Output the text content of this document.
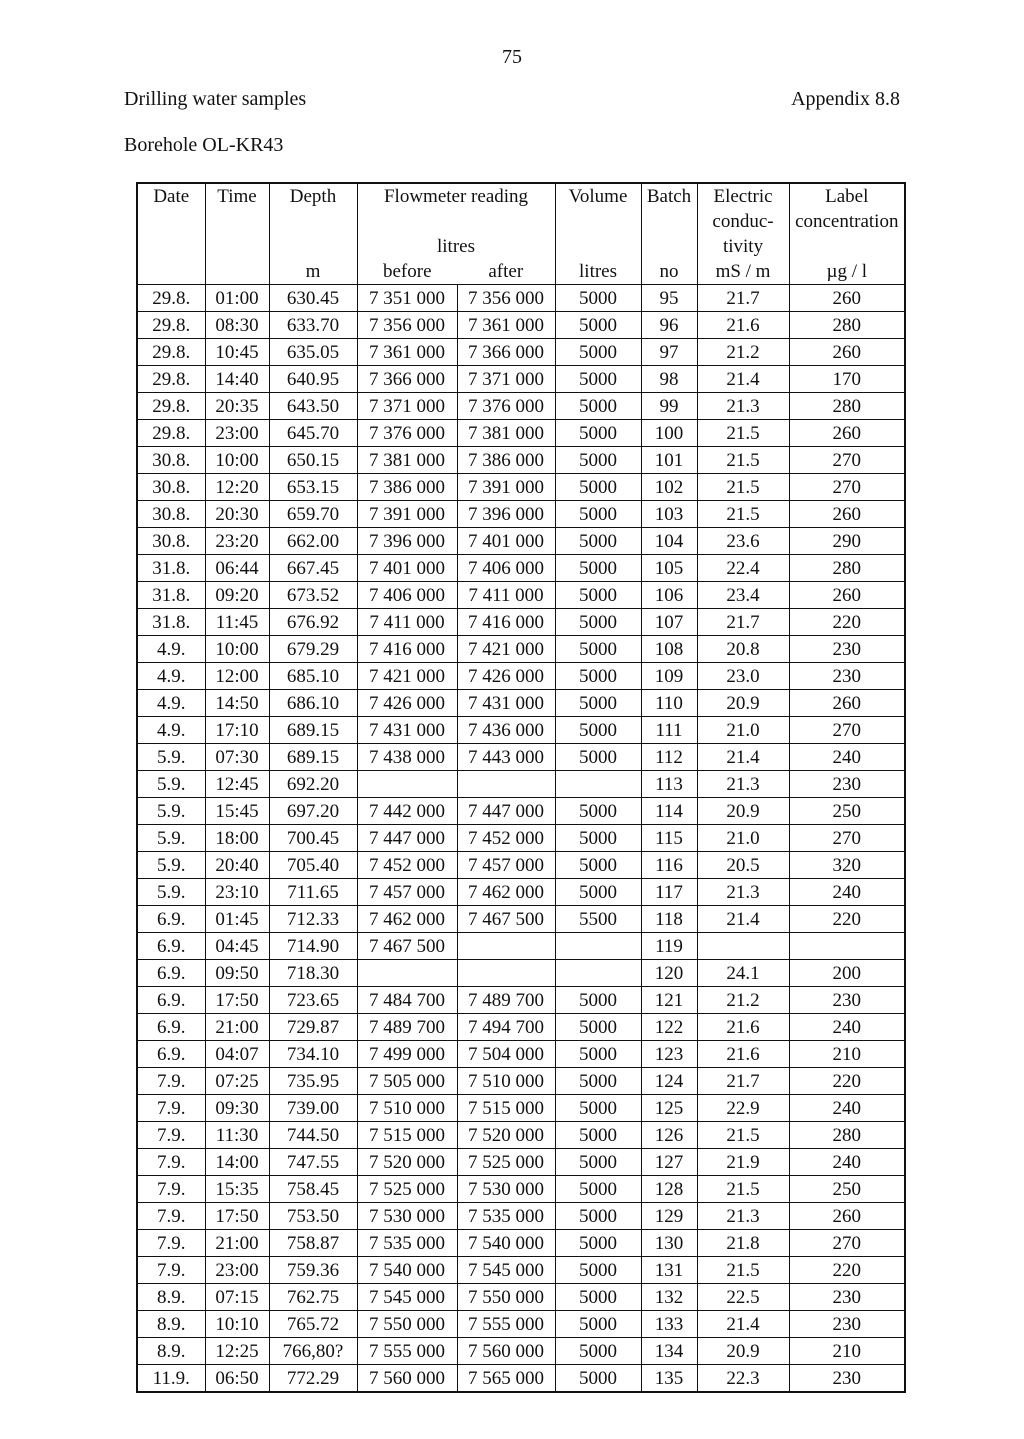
75
Drilling water samples	Appendix 8.8
Borehole OL-KR43
Date	Time	Depth	Flowmeter reading		Volume	Batch	Electric	Label
							conduc-	concentration
			litres				tivity	
		m	before	after	litres	no	mS / m	µg / l
29.8.	01:00	630.45	7 351 000	7 356 000	5000	95	21.7	260
29.8.	08:30	633.70	7 356 000	7 361 000	5000	96	21.6	280
29.8.	10:45	635.05	7 361 000	7 366 000	5000	97	21.2	260
29.8.	14:40	640.95	7 366 000	7 371 000	5000	98	21.4	170
29.8.	20:35	643.50	7 371 000	7 376 000	5000	99	21.3	280
29.8.	23:00	645.70	7 376 000	7 381 000	5000	100	21.5	260
30.8.	10:00	650.15	7 381 000	7 386 000	5000	101	21.5	270
30.8.	12:20	653.15	7 386 000	7 391 000	5000	102	21.5	270
30.8.	20:30	659.70	7 391 000	7 396 000	5000	103	21.5	260
30.8.	23:20	662.00	7 396 000	7 401 000	5000	104	23.6	290
31.8.	06:44	667.45	7 401 000	7 406 000	5000	105	22.4	280
31.8.	09:20	673.52	7 406 000	7 411 000	5000	106	23.4	260
31.8.	11:45	676.92	7 411 000	7 416 000	5000	107	21.7	220
4.9.	10:00	679.29	7 416 000	7 421 000	5000	108	20.8	230
4.9.	12:00	685.10	7 421 000	7 426 000	5000	109	23.0	230
4.9.	14:50	686.10	7 426 000	7 431 000	5000	110	20.9	260
4.9.	17:10	689.15	7 431 000	7 436 000	5000	111	21.0	270
5.9.	07:30	689.15	7 438 000	7 443 000	5000	112	21.4	240
5.9.	12:45	692.20				113	21.3	230
5.9.	15:45	697.20	7 442 000	7 447 000	5000	114	20.9	250
5.9.	18:00	700.45	7 447 000	7 452 000	5000	115	21.0	270
5.9.	20:40	705.40	7 452 000	7 457 000	5000	116	20.5	320
5.9.	23:10	711.65	7 457 000	7 462 000	5000	117	21.3	240
6.9.	01:45	712.33	7 462 000	7 467 500	5500	118	21.4	220
6.9.	04:45	714.90	7 467 500			119		
6.9.	09:50	718.30				120	24.1	200
6.9.	17:50	723.65	7 484 700	7 489 700	5000	121	21.2	230
6.9.	21:00	729.87	7 489 700	7 494 700	5000	122	21.6	240
6.9.	04:07	734.10	7 499 000	7 504 000	5000	123	21.6	210
7.9.	07:25	735.95	7 505 000	7 510 000	5000	124	21.7	220
7.9.	09:30	739.00	7 510 000	7 515 000	5000	125	22.9	240
7.9.	11:30	744.50	7 515 000	7 520 000	5000	126	21.5	280
7.9.	14:00	747.55	7 520 000	7 525 000	5000	127	21.9	240
7.9.	15:35	758.45	7 525 000	7 530 000	5000	128	21.5	250
7.9.	17:50	753.50	7 530 000	7 535 000	5000	129	21.3	260
7.9.	21:00	758.87	7 535 000	7 540 000	5000	130	21.8	270
7.9.	23:00	759.36	7 540 000	7 545 000	5000	131	21.5	220
8.9.	07:15	762.75	7 545 000	7 550 000	5000	132	22.5	230
8.9.	10:10	765.72	7 550 000	7 555 000	5000	133	21.4	230
8.9.	12:25	766,80?	7 555 000	7 560 000	5000	134	20.9	210
11.9.	06:50	772.29	7 560 000	7 565 000	5000	135	22.3	230
